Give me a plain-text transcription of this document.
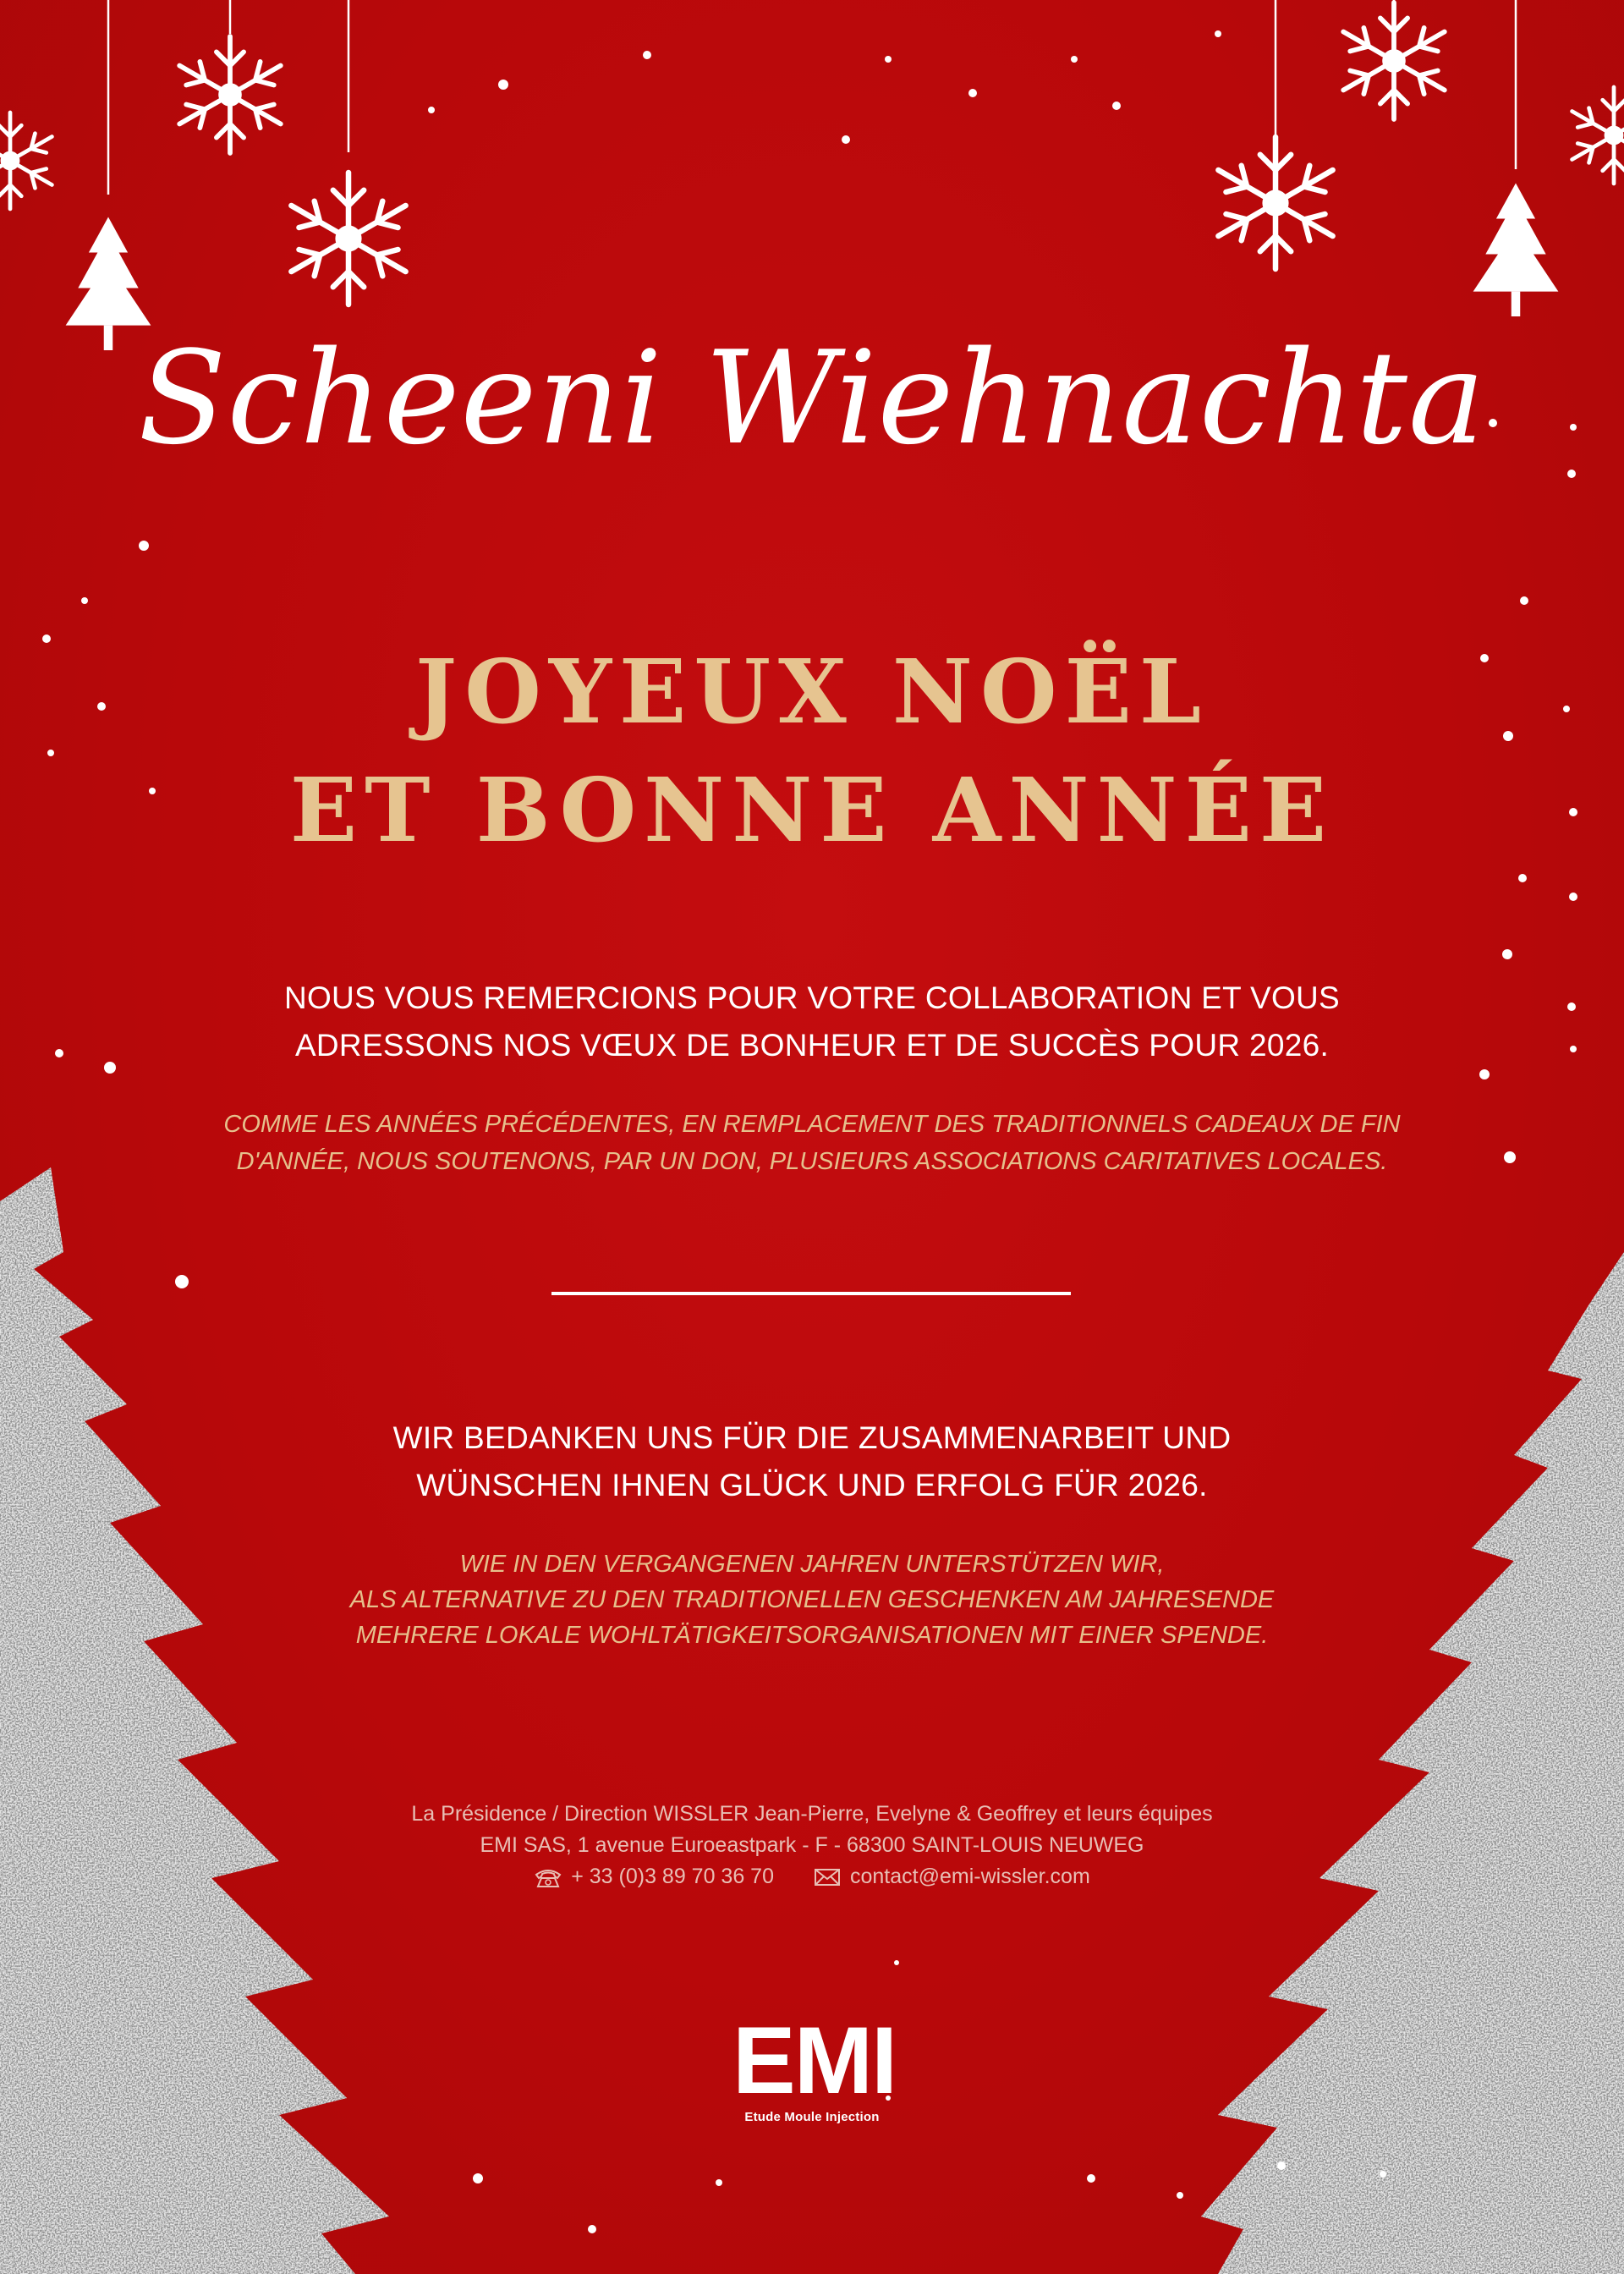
Scheeni Wiehnachta

JOYEUX NOËL
ET BONNE ANNÉE
NOUS VOUS REMERCIONS POUR VOTRE COLLABORATION ET VOUS
ADRESSONS NOS VŒUX DE BONHEUR ET DE SUCCÈS POUR 2026.
COMME LES ANNÉES PRÉCÉDENTES, EN REMPLACEMENT DES TRADITIONNELS CADEAUX DE FIN
D'ANNÉE, NOUS SOUTENONS, PAR UN DON, PLUSIEURS ASSOCIATIONS CARITATIVES LOCALES.
WIR BEDANKEN UNS FÜR DIE ZUSAMMENARBEIT UND
WÜNSCHEN IHNEN GLÜCK UND ERFOLG FÜR 2026.
WIE IN DEN VERGANGENEN JAHREN UNTERSTÜTZEN WIR,
ALS ALTERNATIVE ZU DEN TRADITIONELLEN GESCHENKEN AM JAHRESENDE
MEHRERE LOKALE WOHLTÄTIGKEITSORGANISATIONEN MIT EINER SPENDE.

La Présidence / Direction WISSLER Jean-Pierre, Evelyne & Geoffrey et leurs équipes

EMI SAS, 1 avenue Euroeastpark - F - 68300 SAINT-LOUIS NEUWEG

+ 33 (0)3 89 70 36 70	contact@emi-wissler.com

EMI
Etude Moule Injection
